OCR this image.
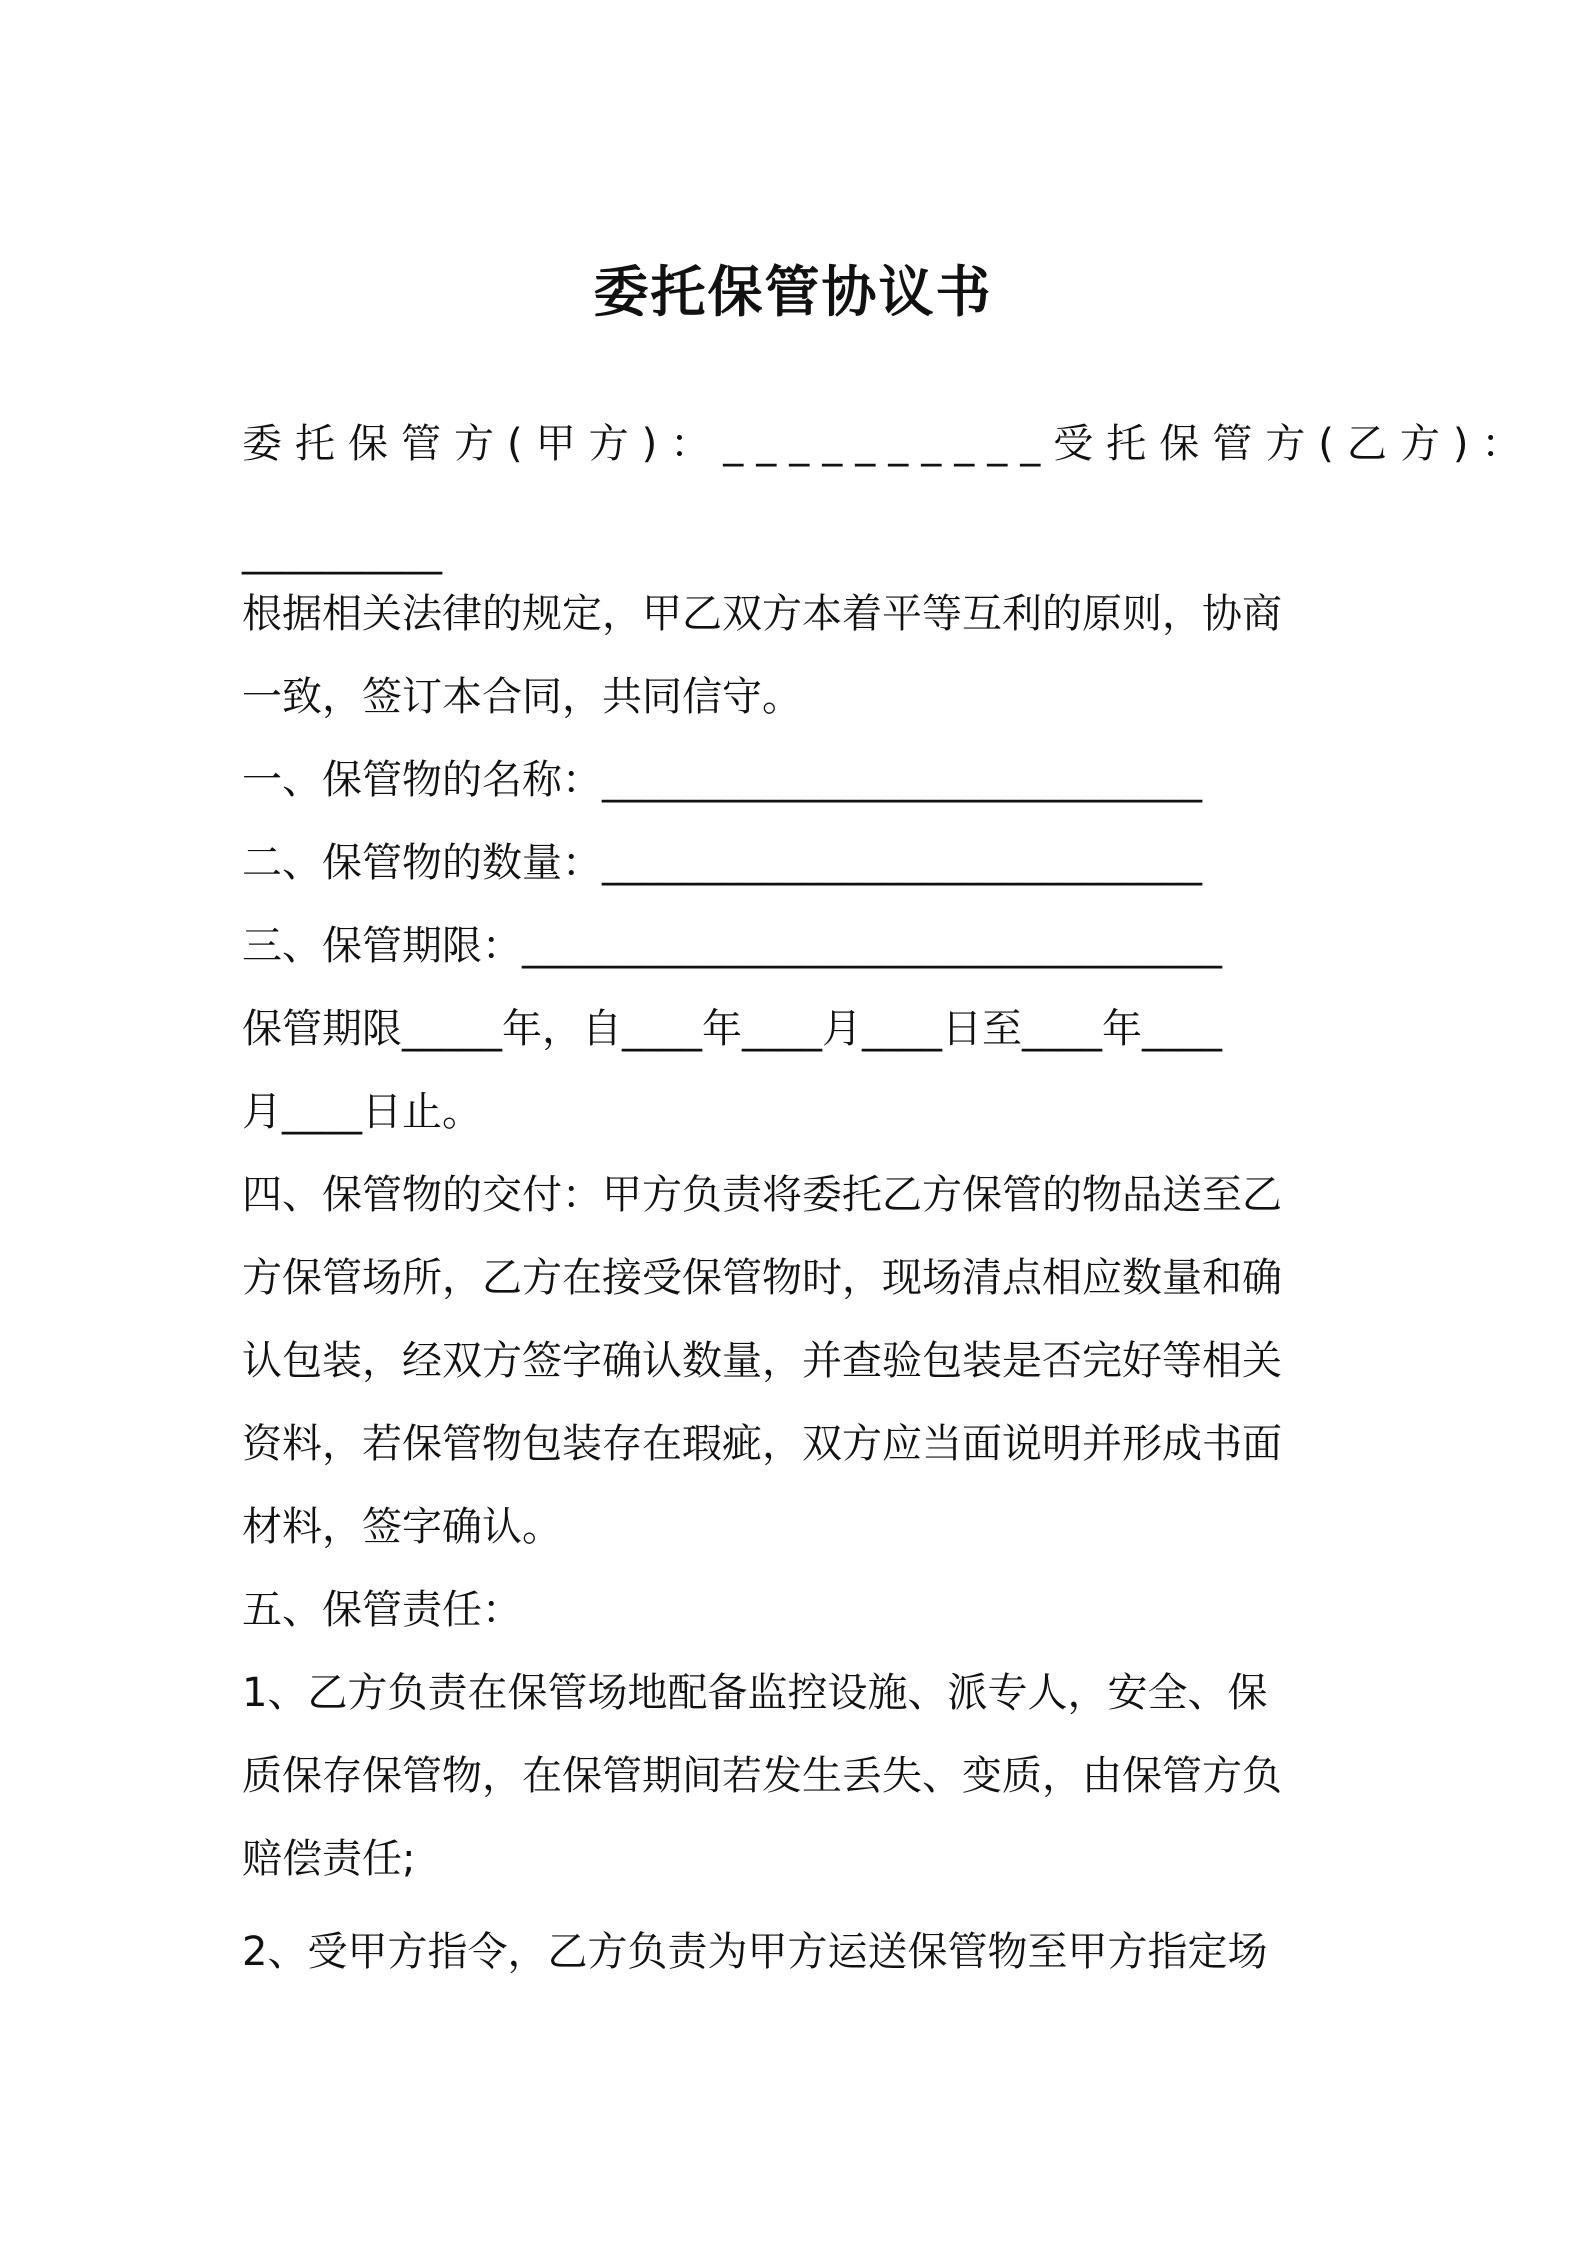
委托保管协议书
委托保管方(甲方)：__________受托保管方(乙方)：
__________
根据相关法律的规定，甲乙双方本着平等互利的原则，协商
一致，签订本合同，共同信守。
一、保管物的名称：______________________________
二、保管物的数量：______________________________
三、保管期限：___________________________________
保管期限_____年，自____年____月____日至____年____
月____日止。
四、保管物的交付：甲方负责将委托乙方保管的物品送至乙
方保管场所，乙方在接受保管物时，现场清点相应数量和确
认包装，经双方签字确认数量，并查验包装是否完好等相关
资料，若保管物包装存在瑕疵，双方应当面说明并形成书面
材料，签字确认。
五、保管责任：
1、乙方负责在保管场地配备监控设施、派专人，安全、保
质保存保管物，在保管期间若发生丢失、变质，由保管方负
赔偿责任;
2、受甲方指令，乙方负责为甲方运送保管物至甲方指定场
